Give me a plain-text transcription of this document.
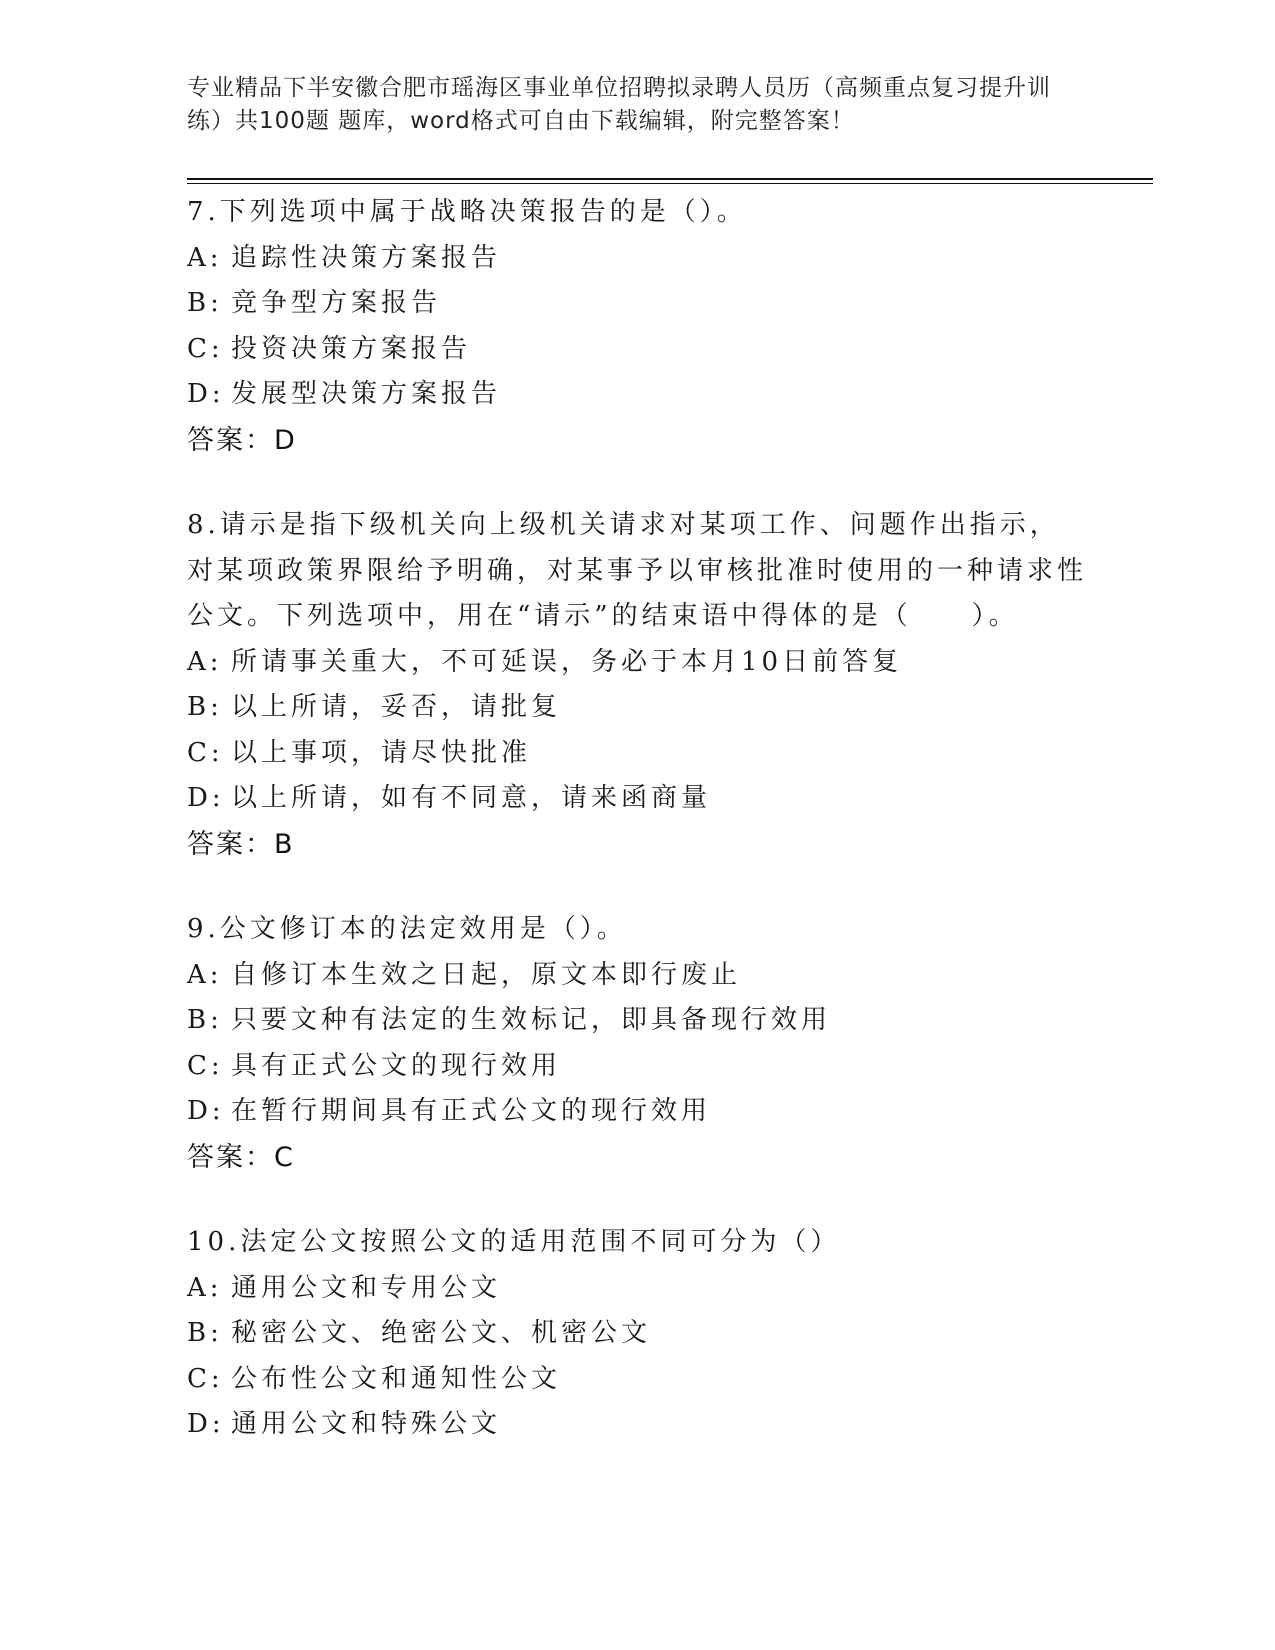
专业精品下半安徽合肥市瑶海区事业单位招聘拟录聘人员历（高频重点复习提升训
练）共100题 题库，word格式可自由下载编辑，附完整答案！

7.下列选项中属于战略决策报告的是（）。

A: 追踪性决策方案报告
B: 竞争型方案报告
C: 投资决策方案报告
D: 发展型决策方案报告

答案：D

8.请示是指下级机关向上级机关请求对某项工作、问题作出指示，对某项政策界限给予明确，对某事予以审核批准时使用的一种请求性公文。下列选项中，用在“请示”的结束语中得体的是（　　）。

A: 所请事关重大，不可延误，务必于本月10日前答复
B: 以上所请，妥否，请批复
C: 以上事项，请尽快批准
D: 以上所请，如有不同意，请来函商量

答案：B

9.公文修订本的法定效用是（）。

A: 自修订本生效之日起，原文本即行废止
B: 只要文种有法定的生效标记，即具备现行效用
C: 具有正式公文的现行效用
D: 在暂行期间具有正式公文的现行效用

答案：C

10.法定公文按照公文的适用范围不同可分为（）

A: 通用公文和专用公文
B: 秘密公文、绝密公文、机密公文
C: 公布性公文和通知性公文
D: 通用公文和特殊公文
